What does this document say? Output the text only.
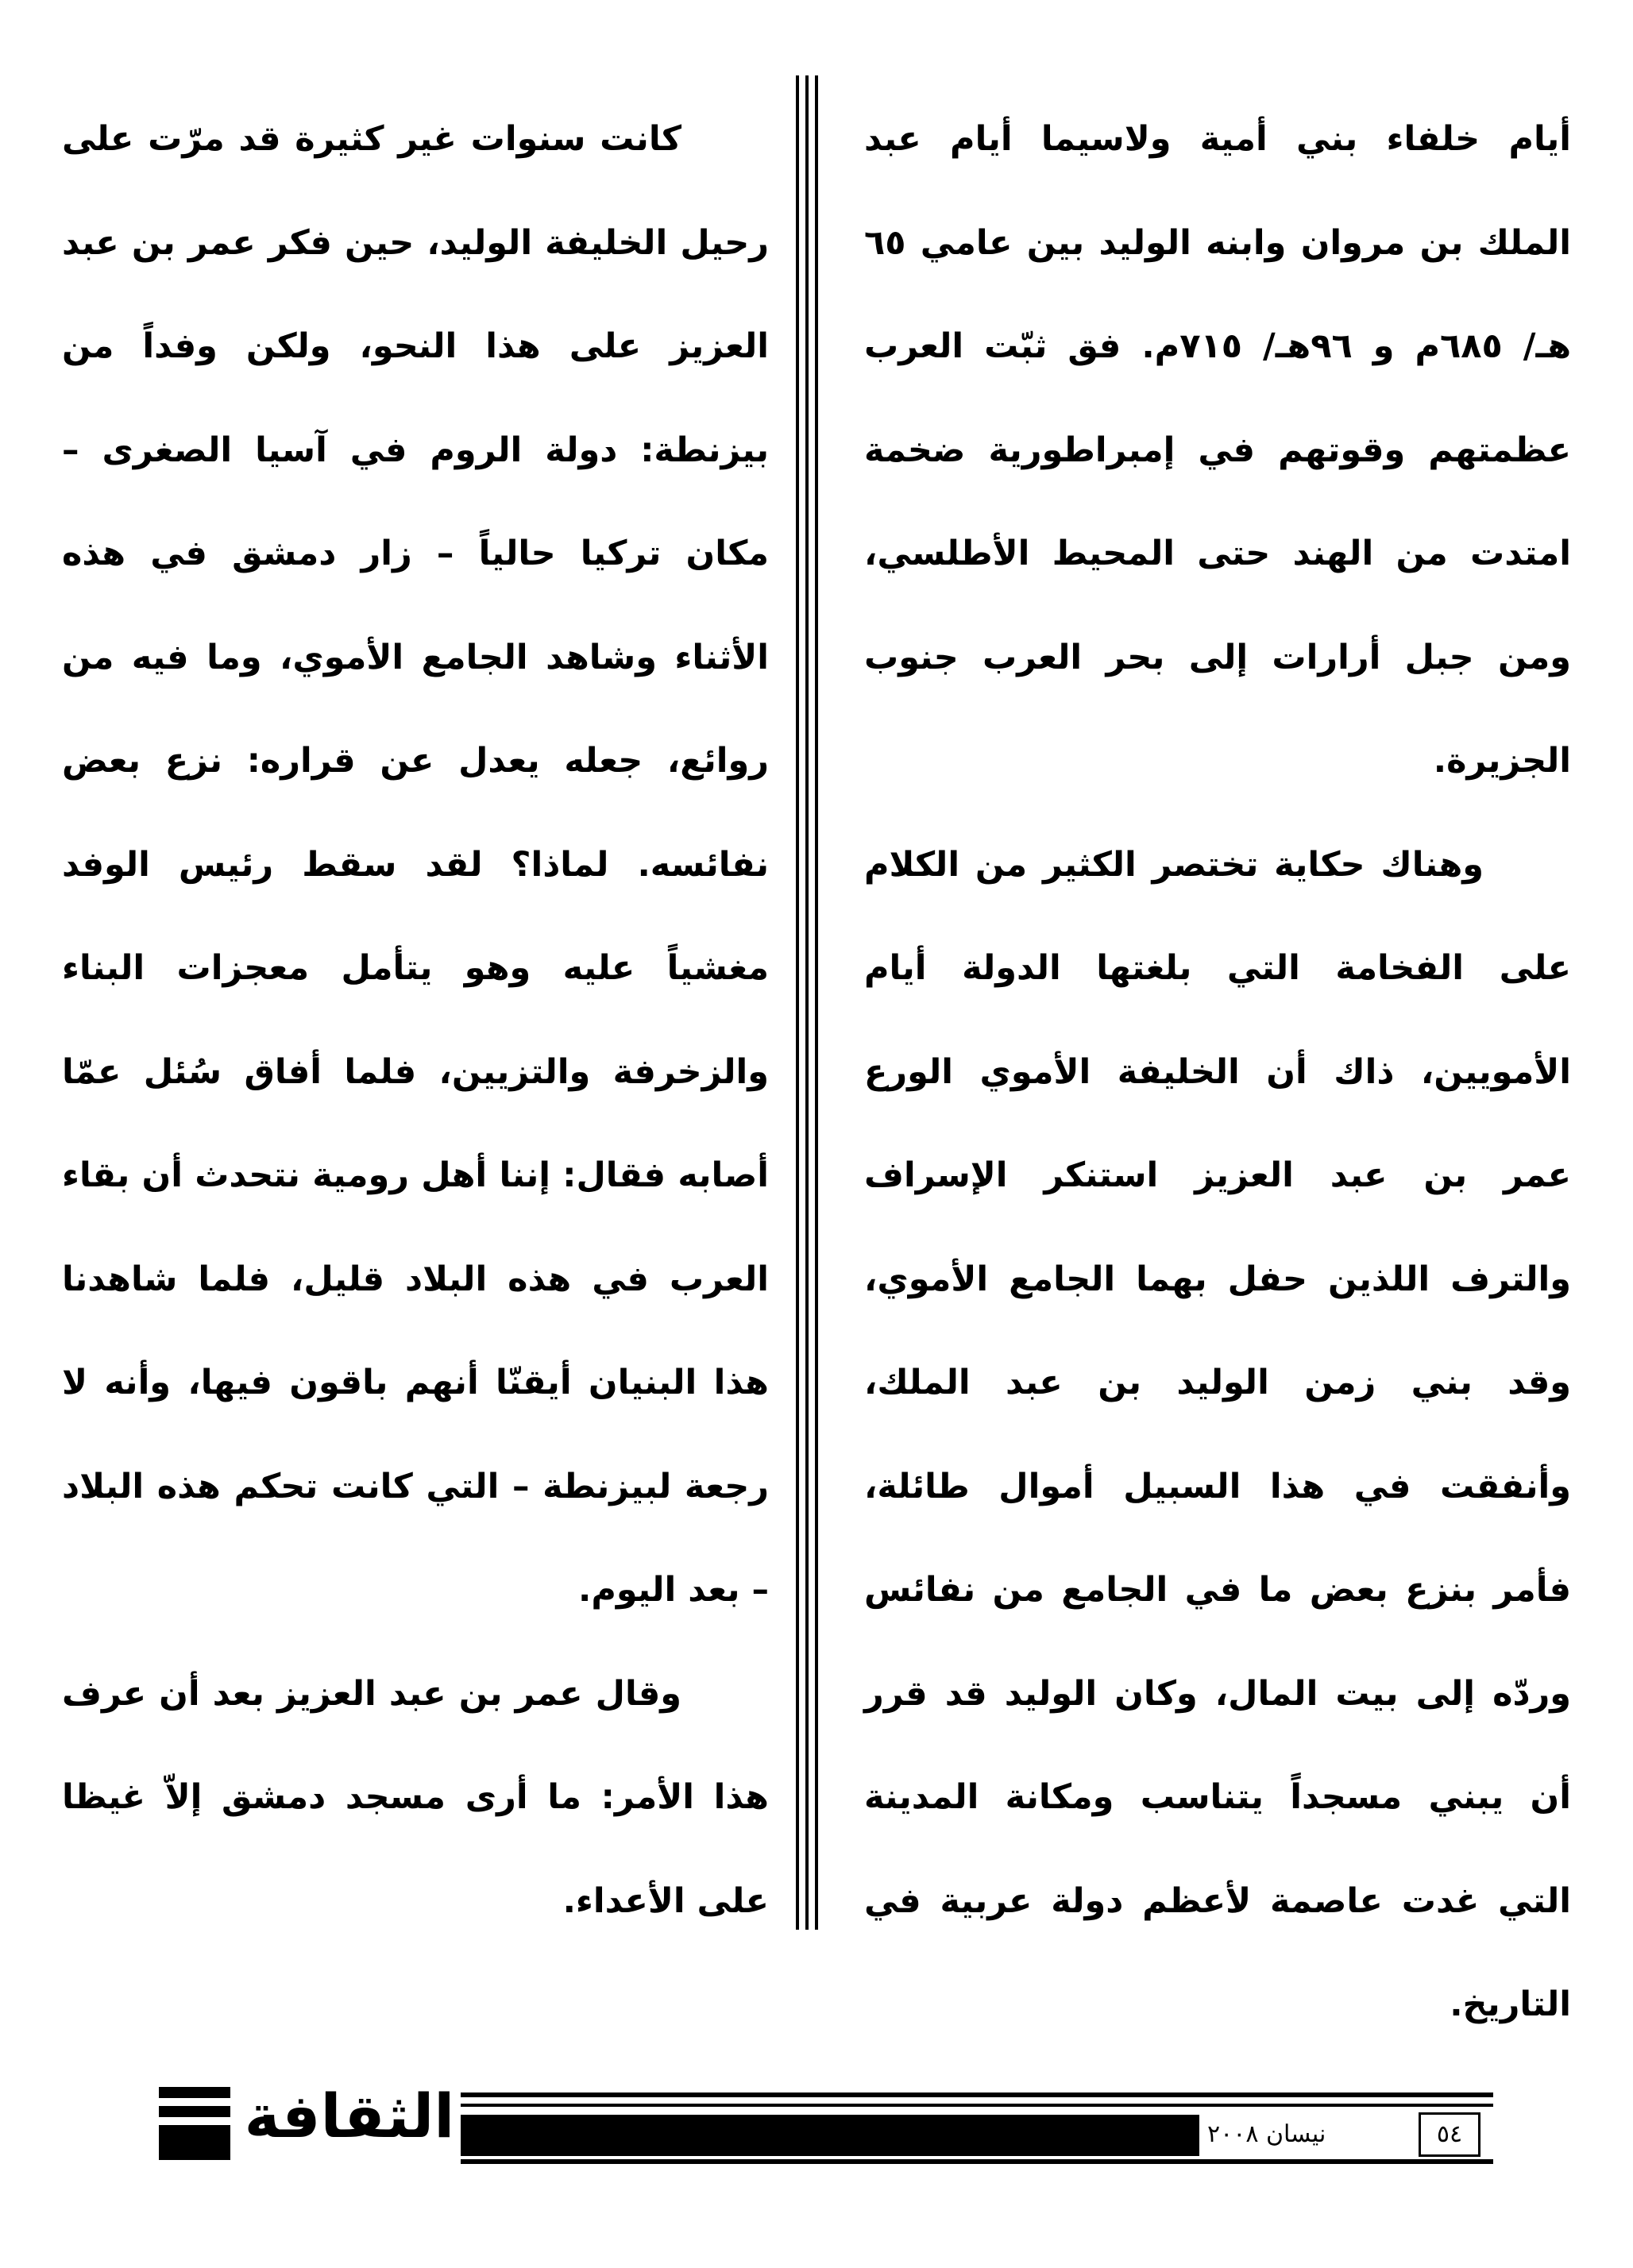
أيام خلفاء بني أمية ولاسيما أيام عبد الملك بن مروان وابنه الوليد بين عامي ٦٥ هـ/ ٦٨٥م و ٩٦هـ/ ٧١٥م. فق ثبّت العرب عظمتهم وقوتهم في إمبراطورية ضخمة امتدت من الهند حتى المحيط الأطلسي، ومن جبل أرارات إلى بحر العرب جنوب الجزيرة.

وهناك حكاية تختصر الكثير من الكلام على الفخامة التي بلغتها الدولة أيام الأمويين، ذاك أن الخليفة الأموي الورع عمر بن عبد العزيز استنكر الإسراف والترف اللذين حفل بهما الجامع الأموي، وقد بني زمن الوليد بن عبد الملك، وأنفقت في هذا السبيل أموال طائلة، فأمر بنزع بعض ما في الجامع من نفائس وردّه إلى بيت المال، وكان الوليد قد قرر أن يبني مسجداً يتناسب ومكانة المدينة التي غدت عاصمة لأعظم دولة عربية في التاريخ.

كانت سنوات غير كثيرة قد مرّت على رحيل الخليفة الوليد، حين فكر عمر بن عبد العزيز على هذا النحو، ولكن وفداً من بيزنطة: دولة الروم في آسيا الصغرى – مكان تركيا حالياً – زار دمشق في هذه الأثناء وشاهد الجامع الأموي، وما فيه من روائع، جعله يعدل عن قراره: نزع بعض نفائسه. لماذا؟ لقد سقط رئيس الوفد مغشياً عليه وهو يتأمل معجزات البناء والزخرفة والتزيين، فلما أفاق سُئل عمّا أصابه فقال: إننا أهل رومية نتحدث أن بقاء العرب في هذه البلاد قليل، فلما شاهدنا هذا البنيان أيقنّا أنهم باقون فيها، وأنه لا رجعة لبيزنطة – التي كانت تحكم هذه البلاد – بعد اليوم.

وقال عمر بن عبد العزيز بعد أن عرف هذا الأمر: ما أرى مسجد دمشق إلاّ غيظا على الأعداء.

نيسان ٢٠٠٨	٥٤
الثقافة
